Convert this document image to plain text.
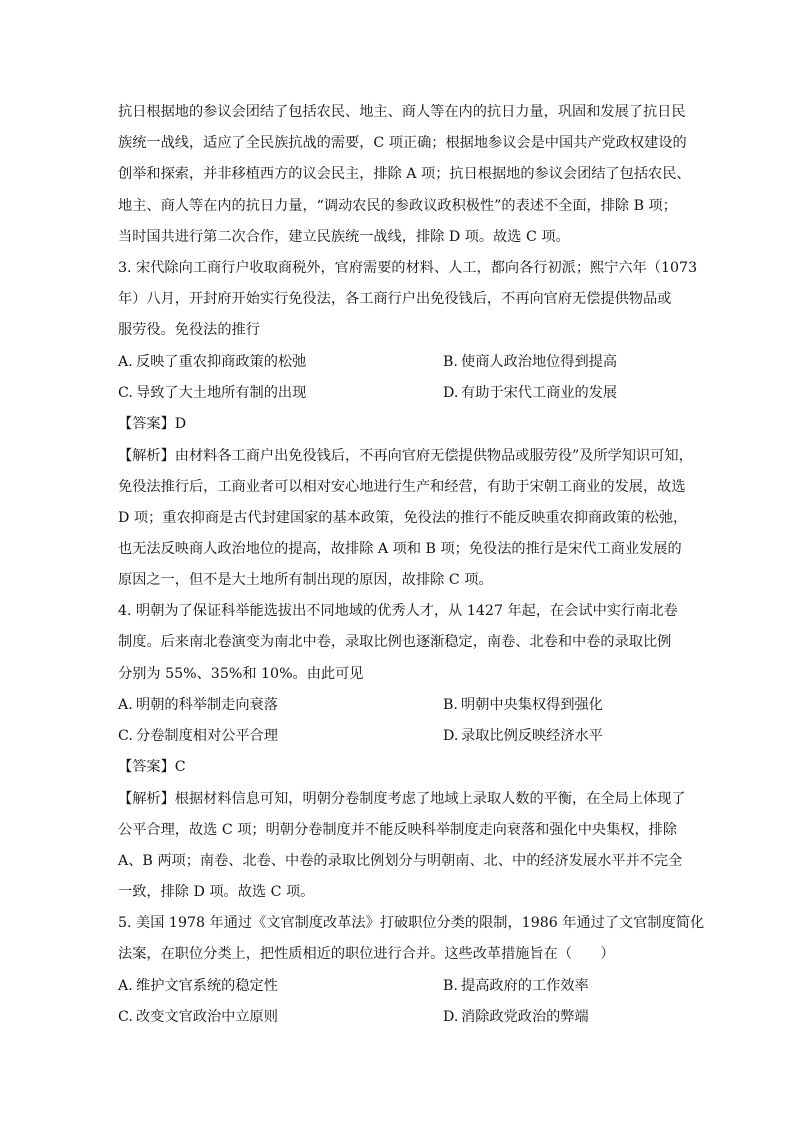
抗日根据地的参议会团结了包括农民、地主、商人等在内的抗日力量，巩固和发展了抗日民
族统一战线，适应了全民族抗战的需要，C 项正确；根据地参议会是中国共产党政权建设的
创举和探索，并非移植西方的议会民主，排除 A 项；抗日根据地的参议会团结了包括农民、
地主、商人等在内的抗日力量，“调动农民的参政议政积极性”的表述不全面，排除 B 项；
当时国共进行第二次合作，建立民族统一战线，排除 D 项。故选 C 项。
3. 宋代除向工商行户收取商税外，官府需要的材料、人工，都向各行初派；熙宁六年（1073
年）八月，开封府开始实行免役法，各工商行户出免役钱后，不再向官府无偿提供物品或
服劳役。免役法的推行
A. 反映了重农抑商政策的松弛	B. 使商人政治地位得到提高
C. 导致了大土地所有制的出现	D. 有助于宋代工商业的发展
【答案】D
【解析】由材料各工商户出免役钱后，不再向官府无偿提供物品或服劳役”及所学知识可知，
免役法推行后，工商业者可以相对安心地进行生产和经营，有助于宋朝工商业的发展，故选
D 项；重农抑商是古代封建国家的基本政策，免役法的推行不能反映重农抑商政策的松弛，
也无法反映商人政治地位的提高，故排除 A 项和 B 项；免役法的推行是宋代工商业发展的
原因之一，但不是大土地所有制出现的原因，故排除 C 项。
4. 明朝为了保证科举能选拔出不同地域的优秀人才，从 1427 年起，在会试中实行南北卷
制度。后来南北卷演变为南北中卷，录取比例也逐渐稳定，南卷、北卷和中卷的录取比例
分别为 55%、35%和 10%。由此可见
A. 明朝的科举制走向衰落	B. 明朝中央集权得到强化
C. 分卷制度相对公平合理	D. 录取比例反映经济水平
【答案】C
【解析】根据材料信息可知，明朝分卷制度考虑了地域上录取人数的平衡，在全局上体现了
公平合理，故选 C 项；明朝分卷制度并不能反映科举制度走向衰落和强化中央集权，排除
A、B 两项；南卷、北卷、中卷的录取比例划分与明朝南、北、中的经济发展水平并不完全
一致，排除 D 项。故选 C 项。
5. 美国 1978 年通过《文官制度改革法》打破职位分类的限制，1986 年通过了文官制度简化
法案，在职位分类上，把性质相近的职位进行合并。这些改革措施旨在（　　）
A. 维护文官系统的稳定性	B. 提高政府的工作效率
C. 改变文官政治中立原则	D. 消除政党政治的弊端
